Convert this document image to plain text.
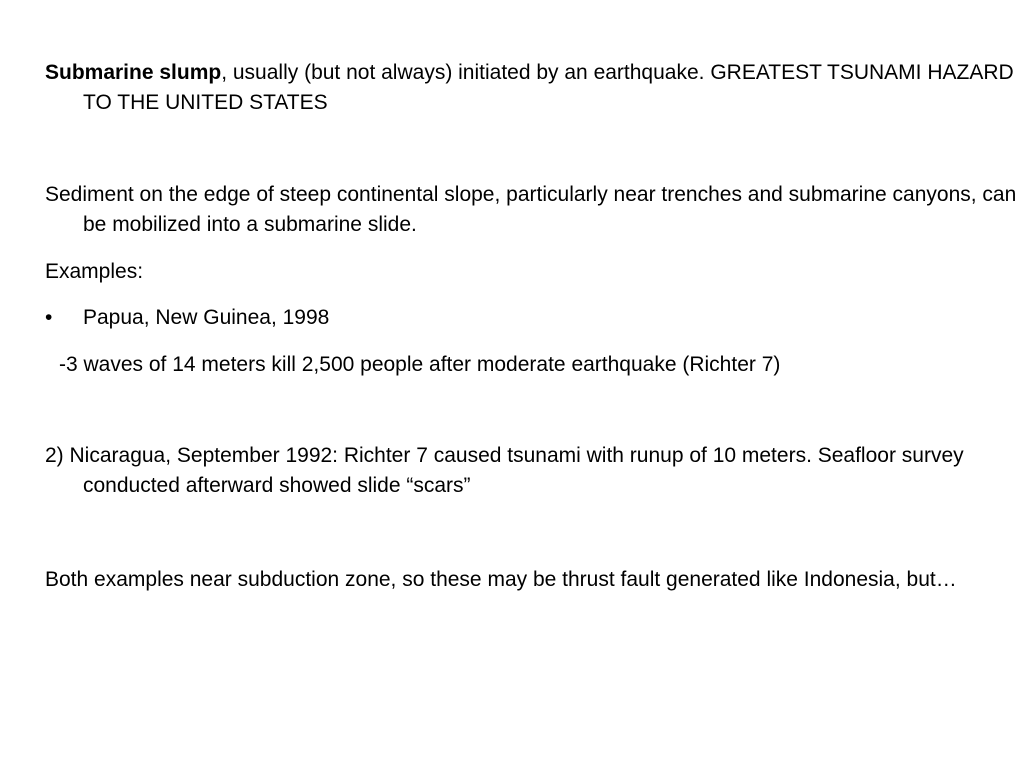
Submarine slump, usually (but not always) initiated by an earthquake. GREATEST TSUNAMI HAZARD TO THE UNITED STATES

Sediment on the edge of steep continental slope, particularly near trenches and submarine canyons, can be mobilized into a submarine slide.

Examples:

• Papua, New Guinea, 1998

-3 waves of 14 meters kill 2,500 people after moderate earthquake (Richter 7)

2) Nicaragua, September 1992: Richter 7 caused tsunami with runup of 10 meters. Seafloor survey conducted afterward showed slide “scars”

Both examples near subduction zone, so these may be thrust fault generated like Indonesia, but…
